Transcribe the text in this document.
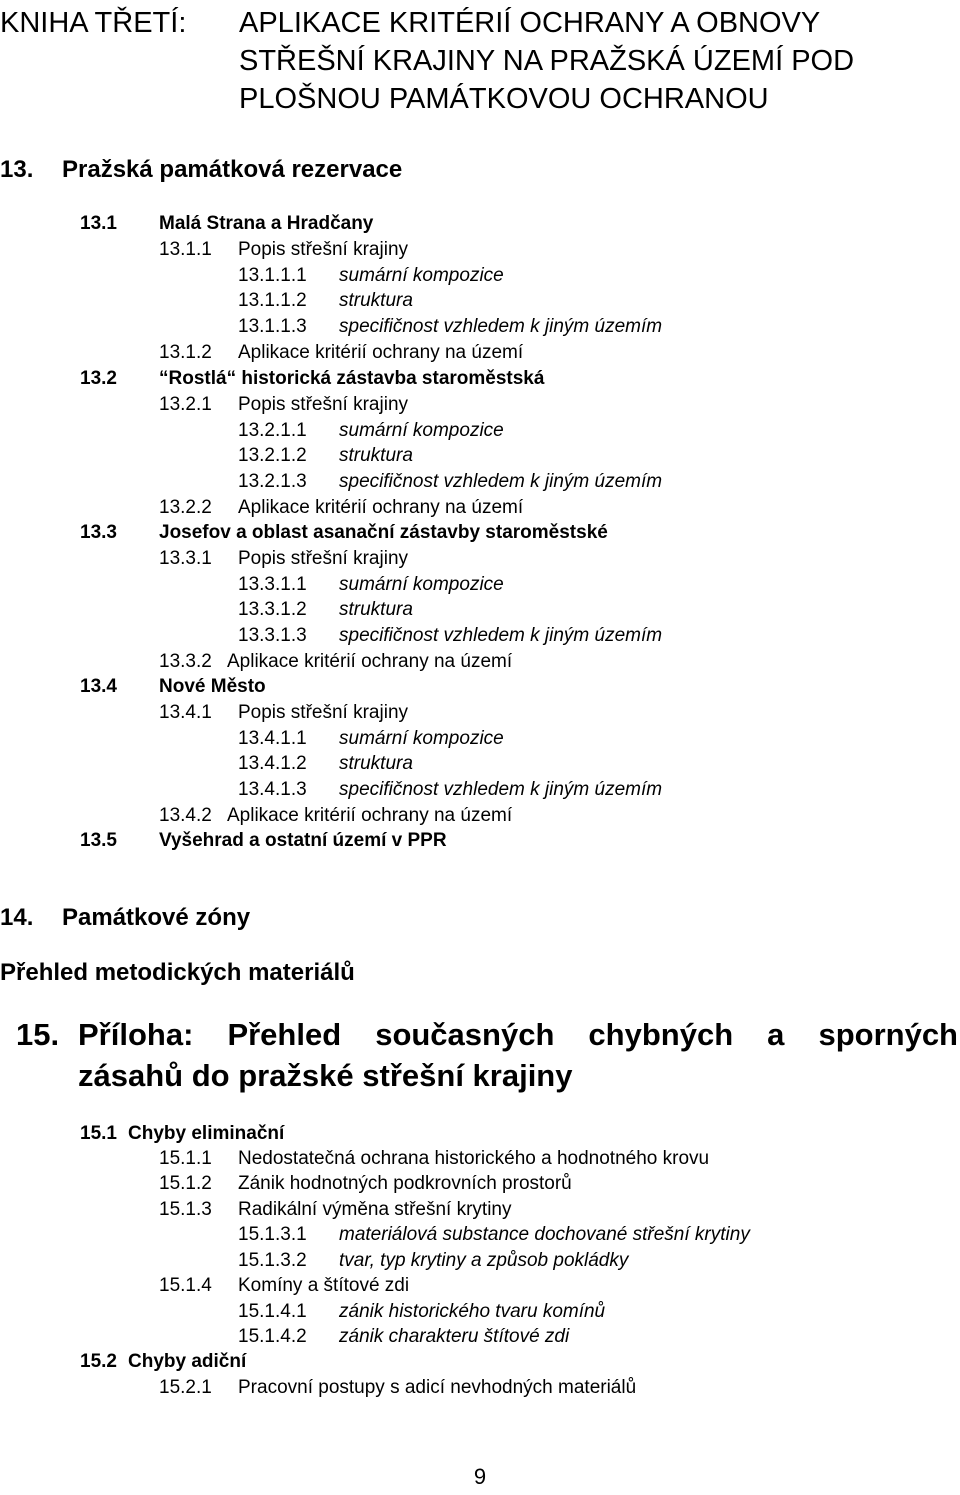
KNIHA TŘETÍ: APLIKACE KRITÉRIÍ OCHRANY A OBNOVY
STŘEŠNÍ KRAJINY NA PRAŽSKÁ ÚZEMÍ POD
PLOŠNOU PAMÁTKOVOU OCHRANOU
13. Pražská památková rezervace
13.1 Malá Strana a Hradčany
13.1.1 Popis střešní krajiny
13.1.1.1 sumární kompozice
13.1.1.2 struktura
13.1.1.3 specifičnost vzhledem k jiným územím
13.1.2 Aplikace kritérií ochrany na území
13.2 “Rostlá“ historická zástavba staroměstská
13.2.1 Popis střešní krajiny
13.2.1.1 sumární kompozice
13.2.1.2 struktura
13.2.1.3 specifičnost vzhledem k jiným územím
13.2.2 Aplikace kritérií ochrany na území
13.3 Josefov a oblast asanační zástavby staroměstské
13.3.1 Popis střešní krajiny
13.3.1.1 sumární kompozice
13.3.1.2 struktura
13.3.1.3 specifičnost vzhledem k jiným územím
13.3.2 Aplikace kritérií ochrany na území
13.4 Nové Město
13.4.1 Popis střešní krajiny
13.4.1.1 sumární kompozice
13.4.1.2 struktura
13.4.1.3 specifičnost vzhledem k jiným územím
13.4.2 Aplikace kritérií ochrany na území
13.5 Vyšehrad a ostatní území v PPR
15.1 Chyby eliminační
15.1.1 Nedostatečná ochrana historického a hodnotného krovu
15.1.2 Zánik hodnotných podkrovních prostorů
15.1.3 Radikální výměna střešní krytiny
15.1.3.1 materiálová substance dochované střešní krytiny
15.1.3.2 tvar, typ krytiny a způsob pokládky
15.1.4 Komíny a štítové zdi
15.1.4.1 zánik historického tvaru komínů
15.1.4.2 zánik charakteru štítové zdi
15.2 Chyby adiční
15.2.1 Pracovní postupy s adicí nevhodných materiálů
14. Památkové zóny
Přehled metodických materiálů
15. Příloha: Přehled současných chybných a sporných
zásahů do pražské střešní krajiny
9
